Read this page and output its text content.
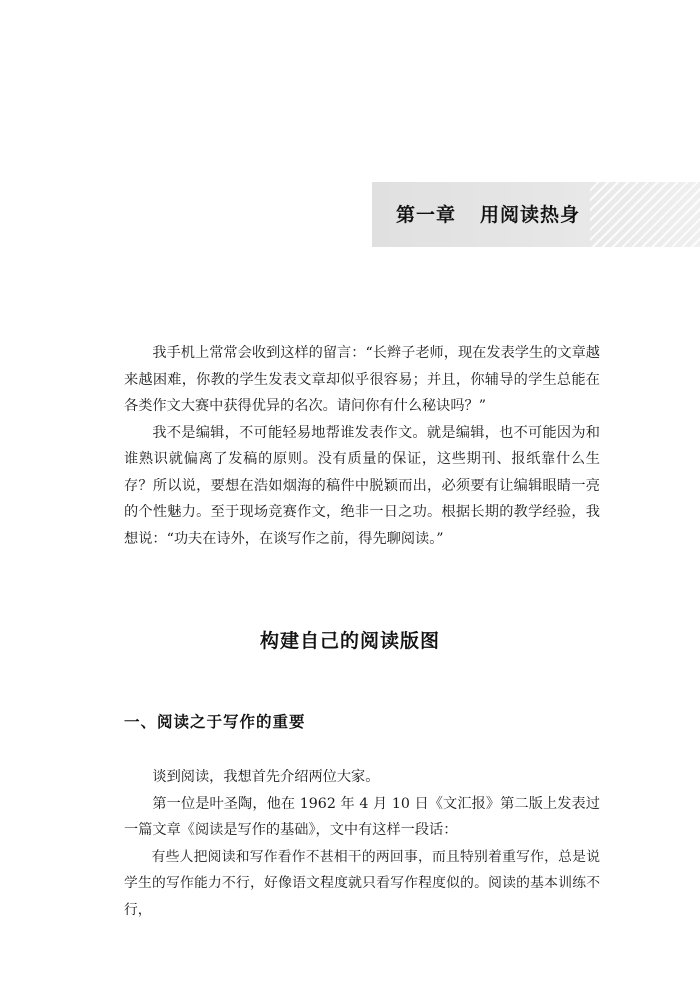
第一章 用阅读热身

我手机上常常会收到这样的留言：“长辫子老师，现在发表学生的文章越来越困难，你教的学生发表文章却似乎很容易；并且，你辅导的学生总能在各类作文大赛中获得优异的名次。请问你有什么秘诀吗？”

我不是编辑，不可能轻易地帮谁发表作文。就是编辑，也不可能因为和谁熟识就偏离了发稿的原则。没有质量的保证，这些期刊、报纸靠什么生存？所以说，要想在浩如烟海的稿件中脱颖而出，必须要有让编辑眼睛一亮的个性魅力。至于现场竞赛作文，绝非一日之功。根据长期的教学经验，我想说：“功夫在诗外，在谈写作之前，得先聊阅读。”

构建自己的阅读版图
一、阅读之于写作的重要

谈到阅读，我想首先介绍两位大家。

第一位是叶圣陶，他在 1962 年 4 月 10 日《文汇报》第二版上发表过一篇文章《阅读是写作的基础》，文中有这样一段话：

有些人把阅读和写作看作不甚相干的两回事，而且特别着重写作，总是说学生的写作能力不行，好像语文程度就只看写作程度似的。阅读的基本训练不行，
